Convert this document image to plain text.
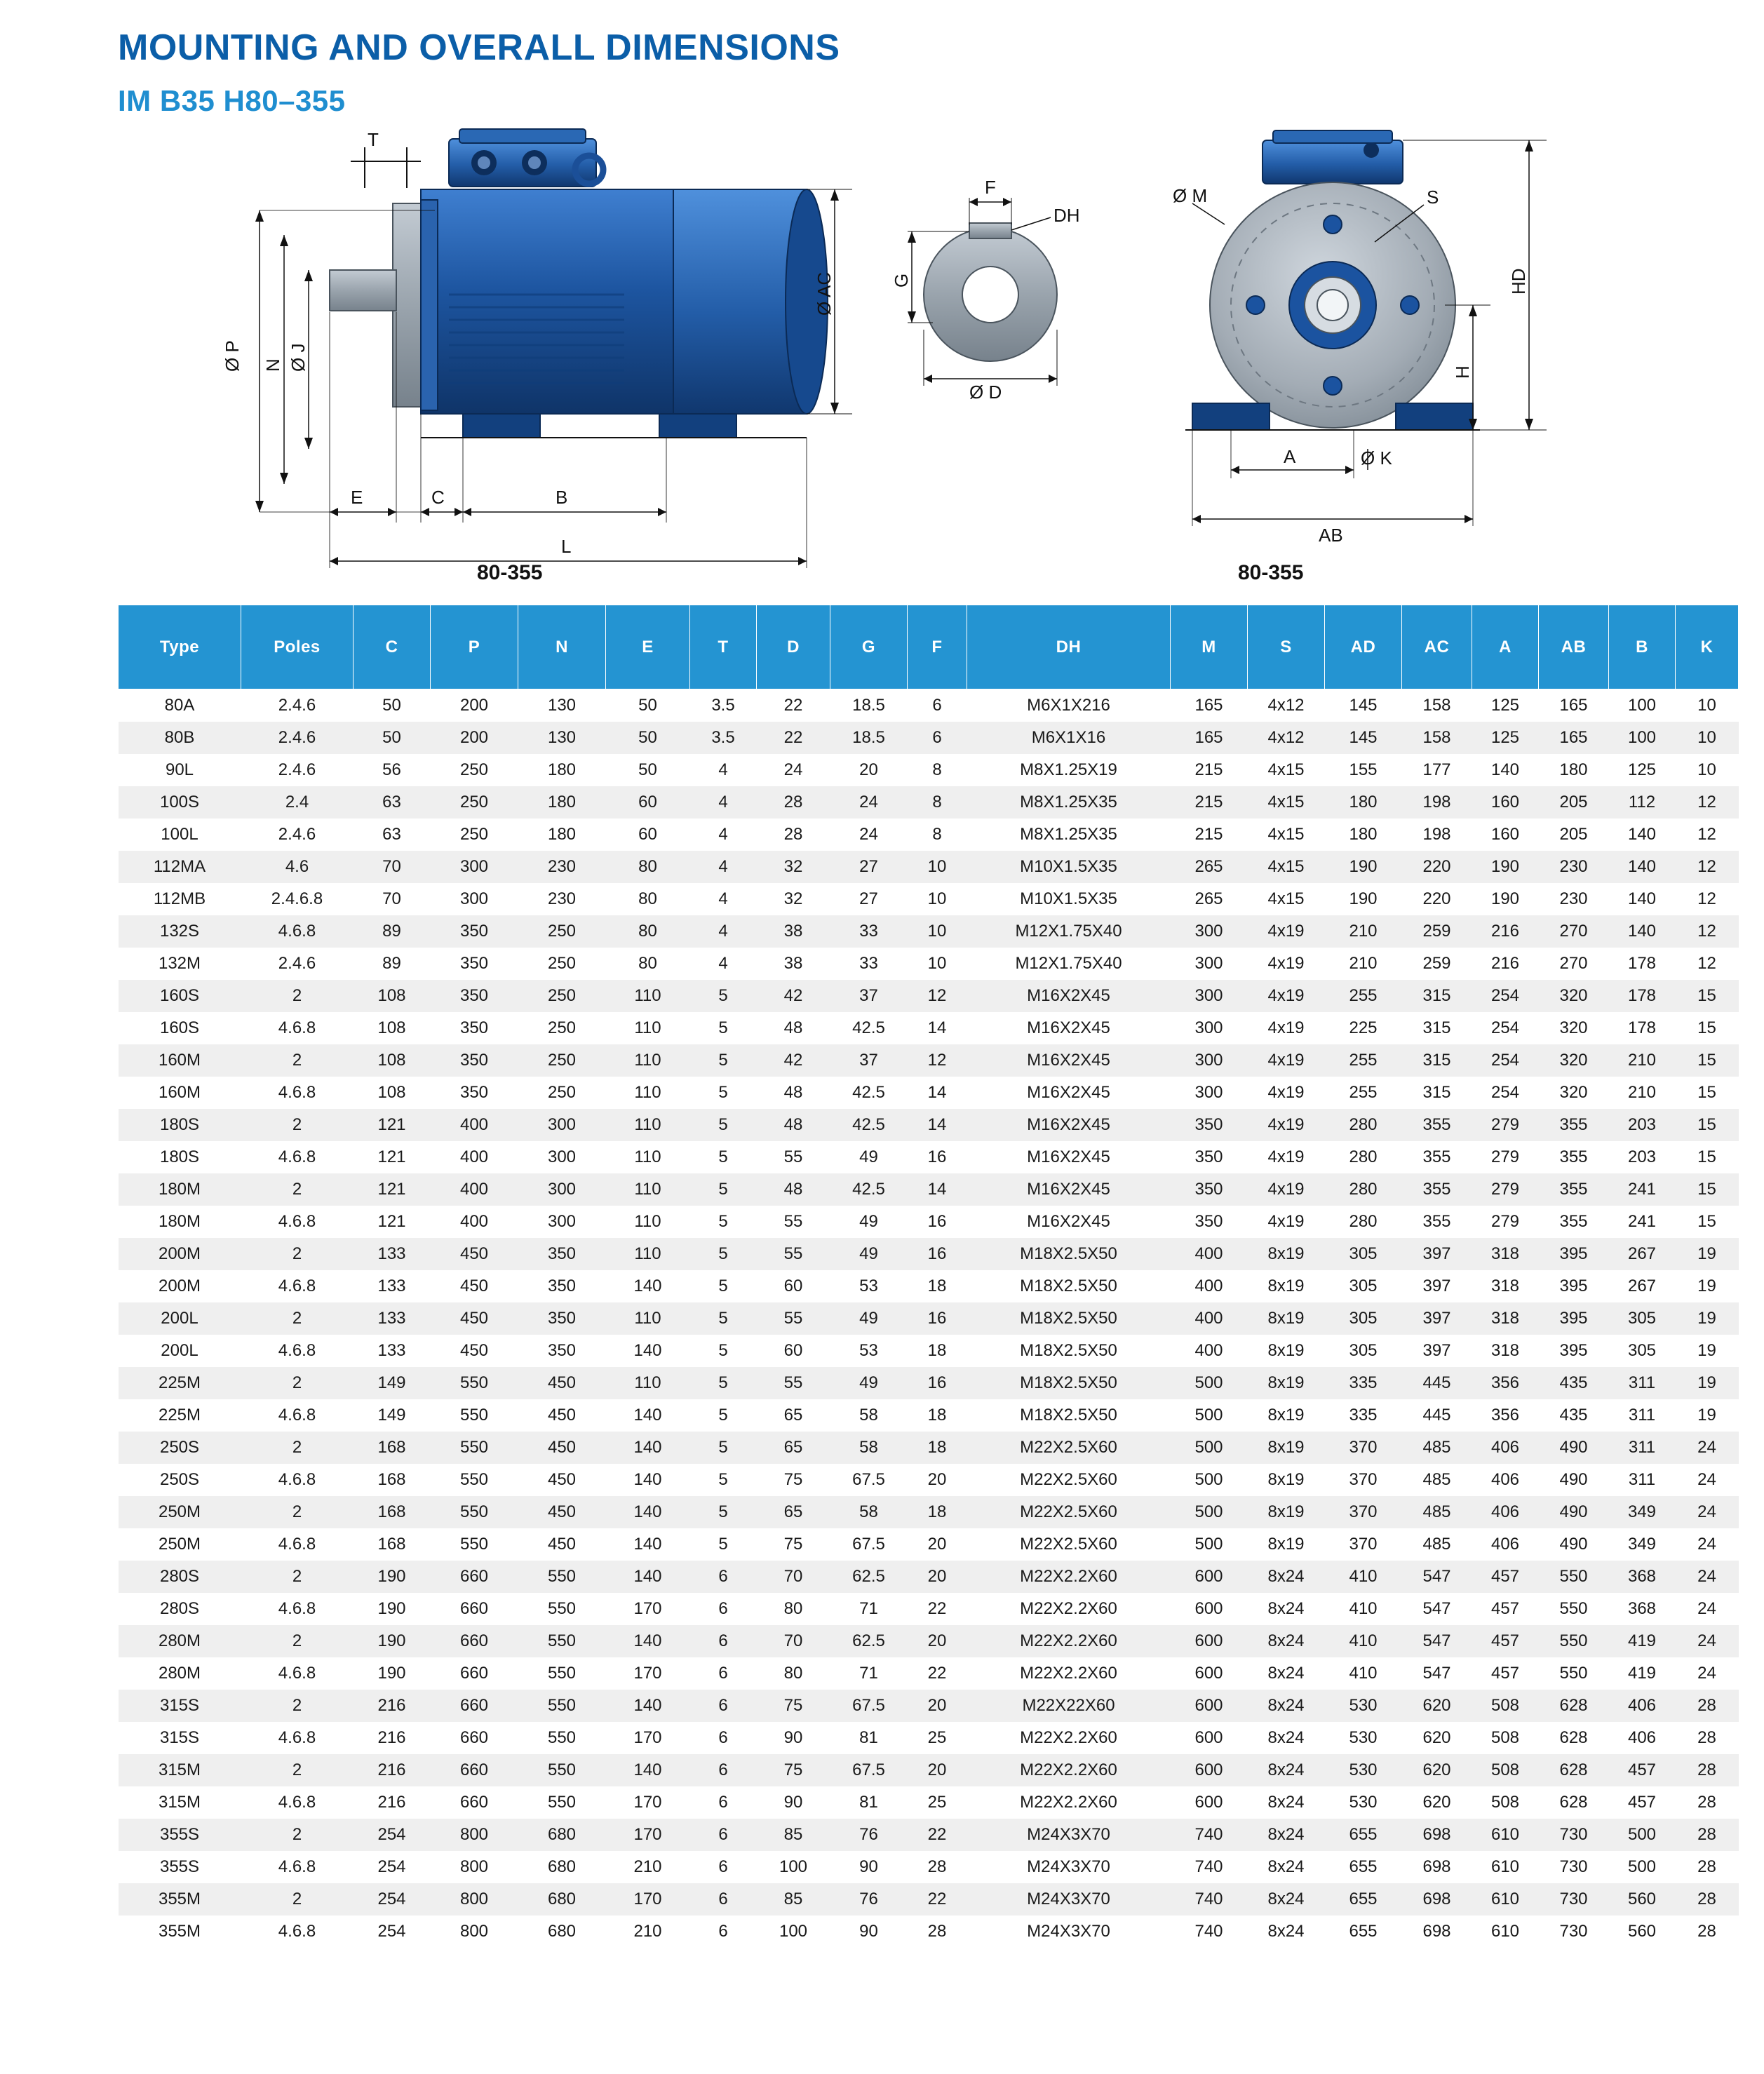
MOUNTING AND OVERALL DIMENSIONS
IM B35 H80–355
T
Ø P N Ø J
Ø AC
E	C	B
L
F
DH
G
Ø D
Ø M	S
HD
H
A	Ø K
AB
80-355	80-355
Type	Poles	C	P	N	E	T	D	G	F	DH	M	S	AD	AC	A	AB	B	K
80A	2.4.6	50	200	130	50	3.5	22	18.5	6	M6X1X216	165	4x12	145	158	125	165	100	10
80B	2.4.6	50	200	130	50	3.5	22	18.5	6	M6X1X16	165	4x12	145	158	125	165	100	10
90L	2.4.6	56	250	180	50	4	24	20	8	M8X1.25X19	215	4x15	155	177	140	180	125	10
100S	2.4	63	250	180	60	4	28	24	8	M8X1.25X35	215	4x15	180	198	160	205	112	12
100L	2.4.6	63	250	180	60	4	28	24	8	M8X1.25X35	215	4x15	180	198	160	205	140	12
112MA	4.6	70	300	230	80	4	32	27	10	M10X1.5X35	265	4x15	190	220	190	230	140	12
112MB	2.4.6.8	70	300	230	80	4	32	27	10	M10X1.5X35	265	4x15	190	220	190	230	140	12
132S	4.6.8	89	350	250	80	4	38	33	10	M12X1.75X40	300	4x19	210	259	216	270	140	12
132M	2.4.6	89	350	250	80	4	38	33	10	M12X1.75X40	300	4x19	210	259	216	270	178	12
160S	2	108	350	250	110	5	42	37	12	M16X2X45	300	4x19	255	315	254	320	178	15
160S	4.6.8	108	350	250	110	5	48	42.5	14	M16X2X45	300	4x19	225	315	254	320	178	15
160M	2	108	350	250	110	5	42	37	12	M16X2X45	300	4x19	255	315	254	320	210	15
160M	4.6.8	108	350	250	110	5	48	42.5	14	M16X2X45	300	4x19	255	315	254	320	210	15
180S	2	121	400	300	110	5	48	42.5	14	M16X2X45	350	4x19	280	355	279	355	203	15
180S	4.6.8	121	400	300	110	5	55	49	16	M16X2X45	350	4x19	280	355	279	355	203	15
180M	2	121	400	300	110	5	48	42.5	14	M16X2X45	350	4x19	280	355	279	355	241	15
180M	4.6.8	121	400	300	110	5	55	49	16	M16X2X45	350	4x19	280	355	279	355	241	15
200M	2	133	450	350	110	5	55	49	16	M18X2.5X50	400	8x19	305	397	318	395	267	19
200M	4.6.8	133	450	350	140	5	60	53	18	M18X2.5X50	400	8x19	305	397	318	395	267	19
200L	2	133	450	350	110	5	55	49	16	M18X2.5X50	400	8x19	305	397	318	395	305	19
200L	4.6.8	133	450	350	140	5	60	53	18	M18X2.5X50	400	8x19	305	397	318	395	305	19
225M	2	149	550	450	110	5	55	49	16	M18X2.5X50	500	8x19	335	445	356	435	311	19
225M	4.6.8	149	550	450	140	5	65	58	18	M18X2.5X50	500	8x19	335	445	356	435	311	19
250S	2	168	550	450	140	5	65	58	18	M22X2.5X60	500	8x19	370	485	406	490	311	24
250S	4.6.8	168	550	450	140	5	75	67.5	20	M22X2.5X60	500	8x19	370	485	406	490	311	24
250M	2	168	550	450	140	5	65	58	18	M22X2.5X60	500	8x19	370	485	406	490	349	24
250M	4.6.8	168	550	450	140	5	75	67.5	20	M22X2.5X60	500	8x19	370	485	406	490	349	24
280S	2	190	660	550	140	6	70	62.5	20	M22X2.2X60	600	8x24	410	547	457	550	368	24
280S	4.6.8	190	660	550	170	6	80	71	22	M22X2.2X60	600	8x24	410	547	457	550	368	24
280M	2	190	660	550	140	6	70	62.5	20	M22X2.2X60	600	8x24	410	547	457	550	419	24
280M	4.6.8	190	660	550	170	6	80	71	22	M22X2.2X60	600	8x24	410	547	457	550	419	24
315S	2	216	660	550	140	6	75	67.5	20	M22X22X60	600	8x24	530	620	508	628	406	28
315S	4.6.8	216	660	550	170	6	90	81	25	M22X2.2X60	600	8x24	530	620	508	628	406	28
315M	2	216	660	550	140	6	75	67.5	20	M22X2.2X60	600	8x24	530	620	508	628	457	28
315M	4.6.8	216	660	550	170	6	90	81	25	M22X2.2X60	600	8x24	530	620	508	628	457	28
355S	2	254	800	680	170	6	85	76	22	M24X3X70	740	8x24	655	698	610	730	500	28
355S	4.6.8	254	800	680	210	6	100	90	28	M24X3X70	740	8x24	655	698	610	730	500	28
355M	2	254	800	680	170	6	85	76	22	M24X3X70	740	8x24	655	698	610	730	560	28
355M	4.6.8	254	800	680	210	6	100	90	28	M24X3X70	740	8x24	655	698	610	730	560	28
